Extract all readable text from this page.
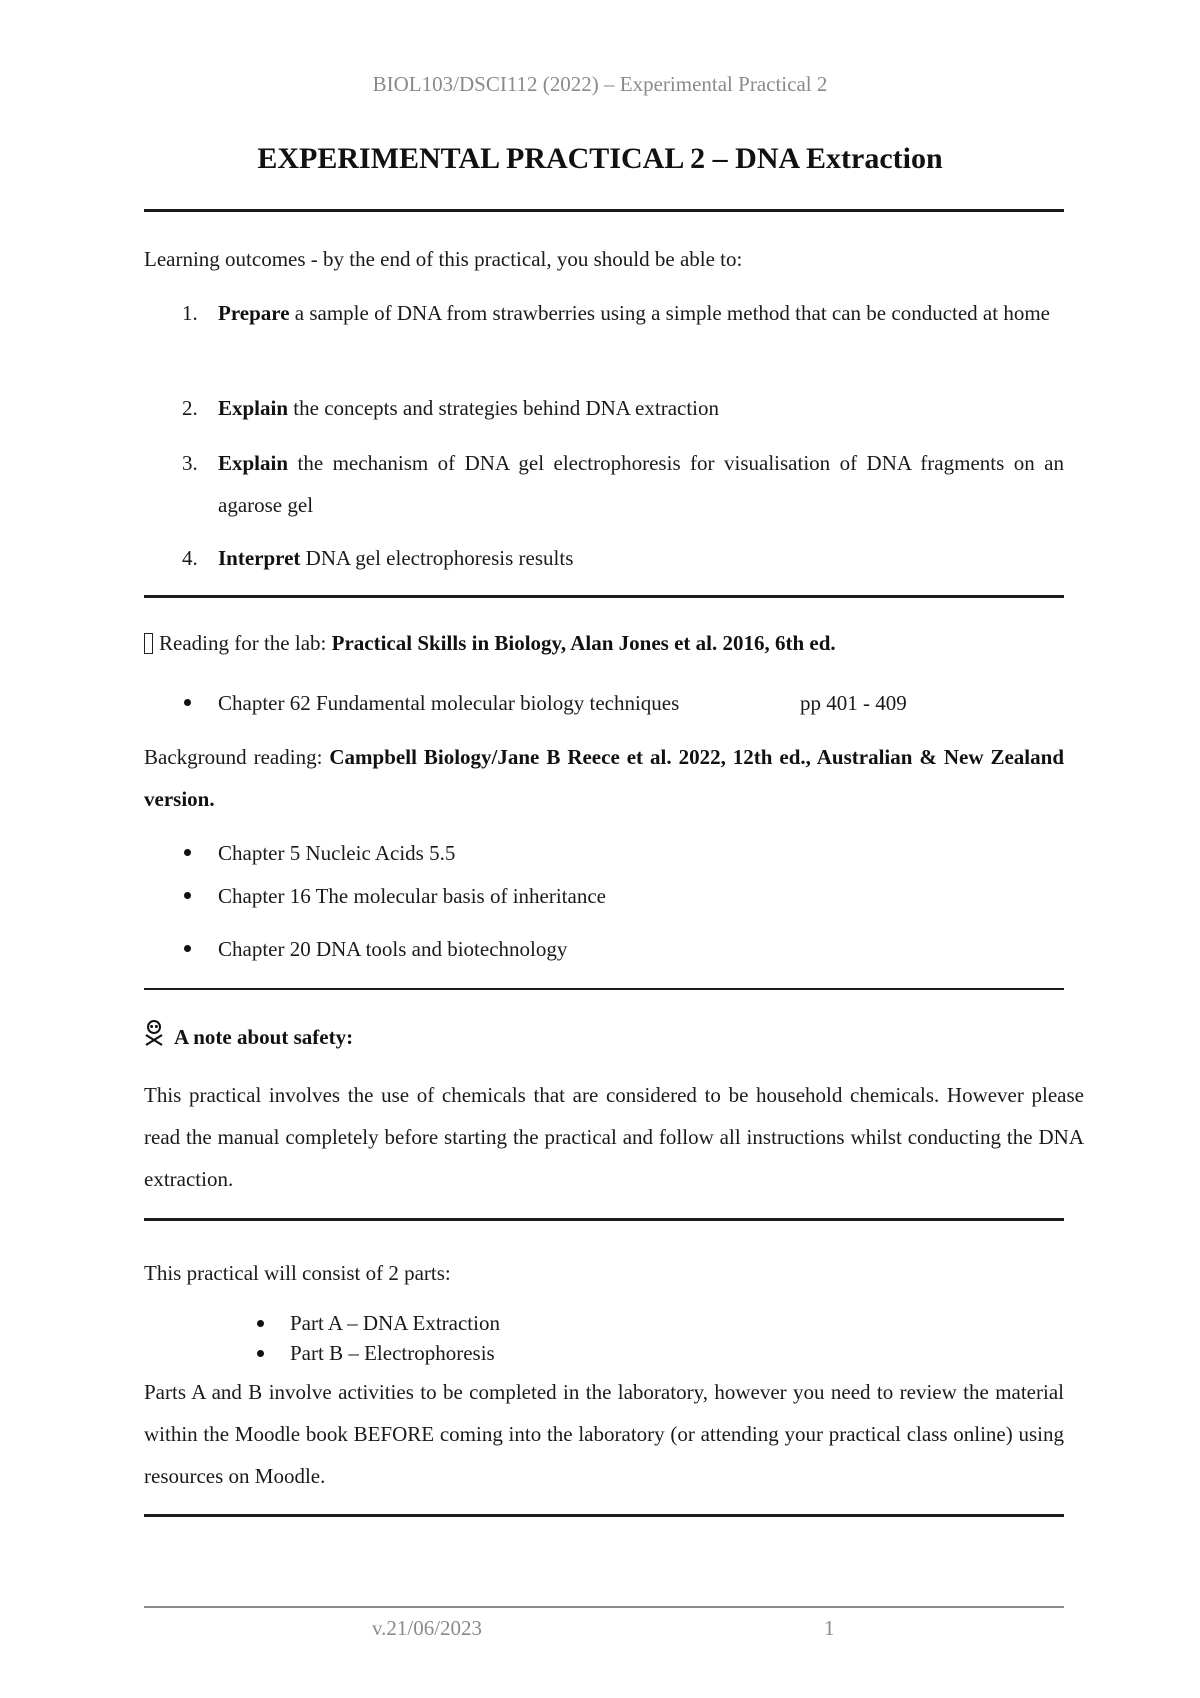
BIOL103/DSCI112 (2022) – Experimental Practical 2
EXPERIMENTAL PRACTICAL 2 – DNA Extraction
Learning outcomes - by the end of this practical, you should be able to:
1. Prepare a sample of DNA from strawberries using a simple method that can be conducted at home
2. Explain the concepts and strategies behind DNA extraction
3. Explain the mechanism of DNA gel electrophoresis for visualisation of DNA fragments on an agarose gel
4. Interpret DNA gel electrophoresis results
Reading for the lab: Practical Skills in Biology, Alan Jones et al. 2016, 6th ed.
Chapter 62 Fundamental molecular biology techniques	pp 401 - 409
Background reading: Campbell Biology/Jane B Reece et al. 2022, 12th ed., Australian & New Zealand version.
Chapter 5 Nucleic Acids 5.5
Chapter 16 The molecular basis of inheritance
Chapter 20 DNA tools and biotechnology
A note about safety:
This practical involves the use of chemicals that are considered to be household chemicals. However please read the manual completely before starting the practical and follow all instructions whilst conducting the DNA extraction.
This practical will consist of 2 parts:
Part A – DNA Extraction
Part B – Electrophoresis
Parts A and B involve activities to be completed in the laboratory, however you need to review the material within the Moodle book BEFORE coming into the laboratory (or attending your practical class online) using resources on Moodle.
v.21/06/2023	1
